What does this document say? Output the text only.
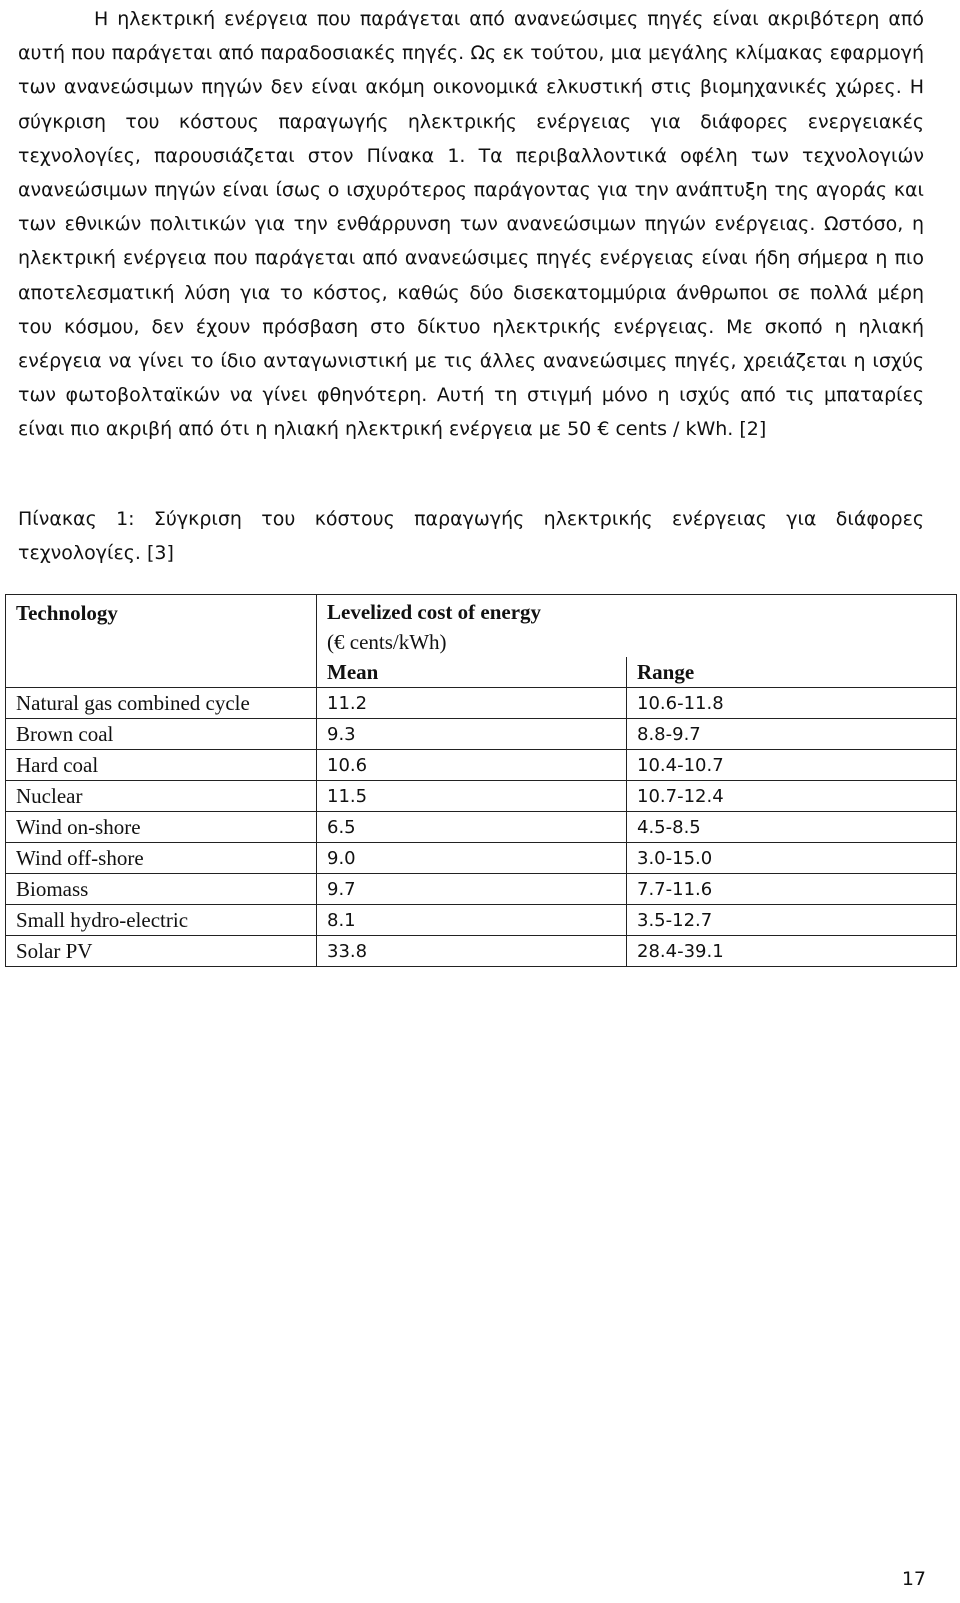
Η ηλεκτρική ενέργεια που παράγεται από ανανεώσιμες πηγές είναι ακριβότερη από αυτή που παράγεται από παραδοσιακές πηγές. Ως εκ τούτου, μια μεγάλης κλίμακας εφαρμογή των ανανεώσιμων πηγών δεν είναι ακόμη οικονομικά ελκυστική στις βιομηχανικές χώρες. Η σύγκριση του κόστους παραγωγής ηλεκτρικής ενέργειας για διάφορες ενεργειακές τεχνολογίες, παρουσιάζεται στον Πίνακα 1. Τα περιβαλλοντικά οφέλη των τεχνολογιών ανανεώσιμων πηγών είναι ίσως ο ισχυρότερος παράγοντας για την ανάπτυξη της αγοράς και των εθνικών πολιτικών για την ενθάρρυνση των ανανεώσιμων πηγών ενέργειας. Ωστόσο, η ηλεκτρική ενέργεια που παράγεται από ανανεώσιμες πηγές ενέργειας είναι ήδη σήμερα η πιο αποτελεσματική λύση για το κόστος, καθώς δύο δισεκατομμύρια άνθρωποι σε πολλά μέρη του κόσμου, δεν έχουν πρόσβαση στο δίκτυο ηλεκτρικής ενέργειας. Με σκοπό η ηλιακή ενέργεια να γίνει το ίδιο ανταγωνιστική με τις άλλες ανανεώσιμες πηγές, χρειάζεται η ισχύς των φωτοβολταϊκών να γίνει φθηνότερη. Αυτή τη στιγμή μόνο η ισχύς από τις μπαταρίες είναι πιο ακριβή από ότι η ηλιακή ηλεκτρική ενέργεια με 50 € cents / kWh. [2]

Πίνακας 1: Σύγκριση του κόστους παραγωγής ηλεκτρικής ενέργειας για διάφορες τεχνολογίες. [3]

Technology	Levelized cost of energy
(€ cents/kWh)	

	Mean	Range
Natural gas combined cycle	11.2	10.6-11.8
Brown coal	9.3	8.8-9.7
Hard coal	10.6	10.4-10.7
Nuclear	11.5	10.7-12.4
Wind on-shore	6.5	4.5-8.5
Wind off-shore	9.0	3.0-15.0
Biomass	9.7	7.7-11.6
Small hydro-electric	8.1	3.5-12.7
Solar PV	33.8	28.4-39.1
17
